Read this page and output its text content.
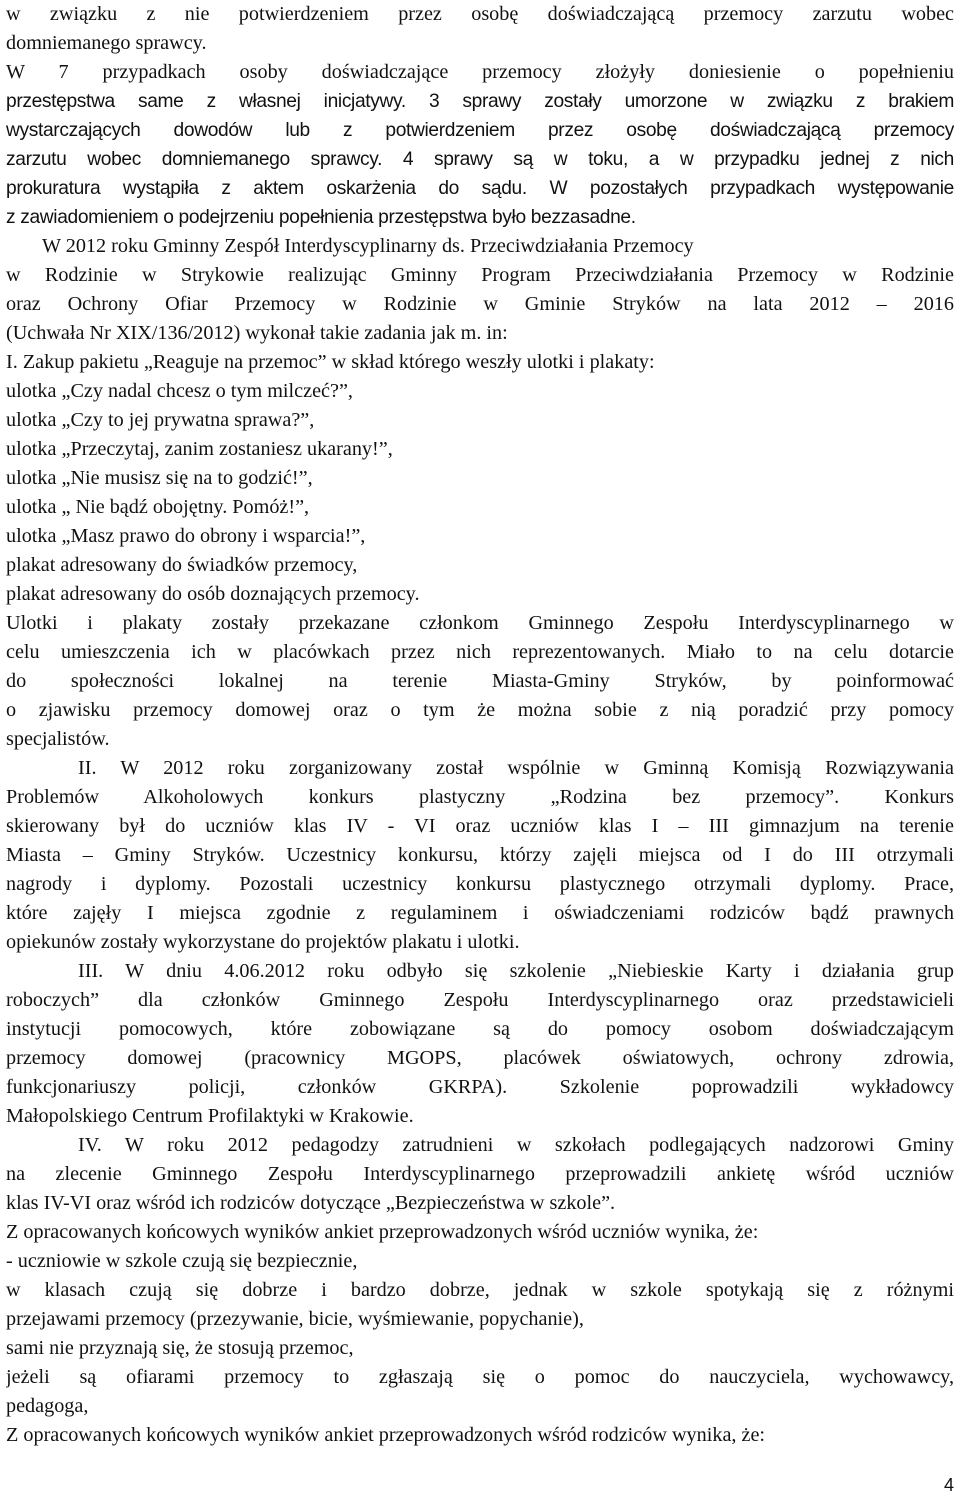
w związku z nie potwierdzeniem przez osobę doświadczającą przemocy zarzutu wobec
domniemanego sprawcy.
W 7 przypadkach osoby doświadczające przemocy złożyły doniesienie o popełnieniu
przestępstwa same z własnej inicjatywy. 3 sprawy zostały umorzone w związku z brakiem
wystarczających dowodów lub z potwierdzeniem przez osobę doświadczającą przemocy
zarzutu wobec domniemanego sprawcy. 4 sprawy są w toku, a w przypadku jednej z nich
prokuratura wystąpiła z aktem oskarżenia do sądu. W pozostałych przypadkach występowanie
z zawiadomieniem o podejrzeniu popełnienia przestępstwa było bezzasadne.
W 2012 roku Gminny Zespół Interdyscyplinarny ds. Przeciwdziałania Przemocy
w Rodzinie w Strykowie realizując Gminny Program Przeciwdziałania Przemocy w Rodzinie
oraz Ochrony Ofiar Przemocy w Rodzinie w Gminie Stryków na lata 2012 – 2016
(Uchwała Nr XIX/136/2012) wykonał takie zadania jak m. in:
I. Zakup pakietu „Reaguje na przemoc” w skład którego weszły ulotki i plakaty:
ulotka „Czy nadal chcesz o tym milczeć?”,
ulotka „Czy to jej prywatna sprawa?”,
ulotka „Przeczytaj, zanim zostaniesz ukarany!”,
ulotka „Nie musisz się na to godzić!”,
ulotka „ Nie bądź obojętny. Pomóż!”,
ulotka „Masz prawo do obrony i wsparcia!”,
plakat adresowany do świadków przemocy,
plakat adresowany do osób doznających przemocy.
Ulotki i plakaty zostały przekazane członkom Gminnego Zespołu Interdyscyplinarnego w
celu umieszczenia ich w placówkach przez nich reprezentowanych. Miało to na celu dotarcie
do społeczności lokalnej na terenie Miasta-Gminy Stryków, by poinformować
o zjawisku przemocy domowej oraz o tym że można sobie z nią poradzić przy pomocy
specjalistów.
II. W 2012 roku zorganizowany został wspólnie w Gminną Komisją Rozwiązywania
Problemów Alkoholowych konkurs plastyczny „Rodzina bez przemocy”. Konkurs
skierowany był do uczniów klas IV - VI oraz uczniów klas I – III gimnazjum na terenie
Miasta – Gminy Stryków. Uczestnicy konkursu, którzy zajęli miejsca od I do III otrzymali
nagrody i dyplomy. Pozostali uczestnicy konkursu plastycznego otrzymali dyplomy. Prace,
które zajęły I miejsca zgodnie z regulaminem i oświadczeniami rodziców bądź prawnych
opiekunów zostały wykorzystane do projektów plakatu i ulotki.
III. W dniu 4.06.2012 roku odbyło się szkolenie „Niebieskie Karty i działania grup
roboczych” dla członków Gminnego Zespołu Interdyscyplinarnego oraz przedstawicieli
instytucji pomocowych, które zobowiązane są do pomocy osobom doświadczającym
przemocy domowej (pracownicy MGOPS, placówek oświatowych, ochrony zdrowia,
funkcjonariuszy policji, członków GKRPA). Szkolenie poprowadzili wykładowcy
Małopolskiego Centrum Profilaktyki w Krakowie.
IV. W roku 2012 pedagodzy zatrudnieni w szkołach podlegających nadzorowi Gminy
na zlecenie Gminnego Zespołu Interdyscyplinarnego przeprowadzili ankietę wśród uczniów
klas IV-VI oraz wśród ich rodziców dotyczące „Bezpieczeństwa w szkole”.
Z opracowanych końcowych wyników ankiet przeprowadzonych wśród uczniów wynika, że:
- uczniowie w szkole czują się bezpiecznie,
w klasach czują się dobrze i bardzo dobrze, jednak w szkole spotykają się z różnymi
przejawami przemocy (przezywanie, bicie, wyśmiewanie, popychanie),
sami nie przyznają się, że stosują przemoc,
jeżeli są ofiarami przemocy to zgłaszają się o pomoc do nauczyciela, wychowawcy,
pedagoga,
Z opracowanych końcowych wyników ankiet przeprowadzonych wśród rodziców wynika, że:
4
